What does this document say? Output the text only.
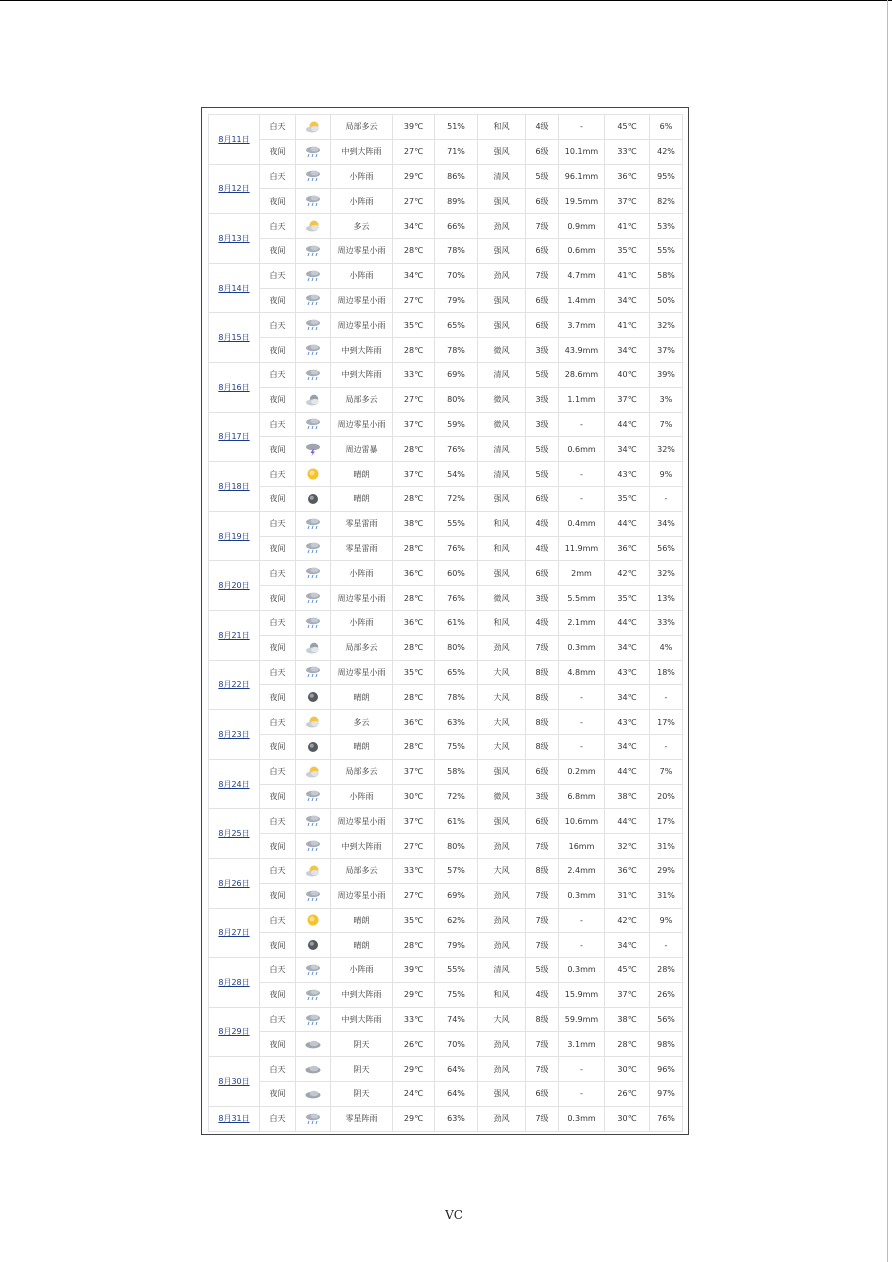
8月11日	白天		局部多云	39℃	51%	和风	4级	-	45℃	6%
	夜间		中到大阵雨	27℃	71%	强风	6级	10.1mm	33℃	42%
8月12日	白天		小阵雨	29℃	86%	清风	5级	96.1mm	36℃	95%
	夜间		小阵雨	27℃	89%	强风	6级	19.5mm	37℃	82%
8月13日	白天		多云	34℃	66%	劲风	7级	0.9mm	41℃	53%
	夜间		周边零星小雨	28℃	78%	强风	6级	0.6mm	35℃	55%
8月14日	白天		小阵雨	34℃	70%	劲风	7级	4.7mm	41℃	58%
	夜间		周边零星小雨	27℃	79%	强风	6级	1.4mm	34℃	50%
8月15日	白天		周边零星小雨	35℃	65%	强风	6级	3.7mm	41℃	32%
	夜间		中到大阵雨	28℃	78%	微风	3级	43.9mm	34℃	37%
8月16日	白天		中到大阵雨	33℃	69%	清风	5级	28.6mm	40℃	39%
	夜间		局部多云	27℃	80%	微风	3级	1.1mm	37℃	3%
8月17日	白天		周边零星小雨	37℃	59%	微风	3级	-	44℃	7%
	夜间		周边雷暴	28℃	76%	清风	5级	0.6mm	34℃	32%
8月18日	白天		晴朗	37℃	54%	清风	5级	-	43℃	9%
	夜间		晴朗	28℃	72%	强风	6级	-	35℃	-
8月19日	白天		零星雷雨	38℃	55%	和风	4级	0.4mm	44℃	34%
	夜间		零星雷雨	28℃	76%	和风	4级	11.9mm	36℃	56%
8月20日	白天		小阵雨	36℃	60%	强风	6级	2mm	42℃	32%
	夜间		周边零星小雨	28℃	76%	微风	3级	5.5mm	35℃	13%
8月21日	白天		小阵雨	36℃	61%	和风	4级	2.1mm	44℃	33%
	夜间		局部多云	28℃	80%	劲风	7级	0.3mm	34℃	4%
8月22日	白天		周边零星小雨	35℃	65%	大风	8级	4.8mm	43℃	18%
	夜间		晴朗	28℃	78%	大风	8级	-	34℃	-
8月23日	白天		多云	36℃	63%	大风	8级	-	43℃	17%
	夜间		晴朗	28℃	75%	大风	8级	-	34℃	-
8月24日	白天		局部多云	37℃	58%	强风	6级	0.2mm	44℃	7%
	夜间		小阵雨	30℃	72%	微风	3级	6.8mm	38℃	20%
8月25日	白天		周边零星小雨	37℃	61%	强风	6级	10.6mm	44℃	17%
	夜间		中到大阵雨	27℃	80%	劲风	7级	16mm	32℃	31%
8月26日	白天		局部多云	33℃	57%	大风	8级	2.4mm	36℃	29%
	夜间		周边零星小雨	27℃	69%	劲风	7级	0.3mm	31℃	31%
8月27日	白天		晴朗	35℃	62%	劲风	7级	-	42℃	9%
	夜间		晴朗	28℃	79%	劲风	7级	-	34℃	-
8月28日	白天		小阵雨	39℃	55%	清风	5级	0.3mm	45℃	28%
	夜间		中到大阵雨	29℃	75%	和风	4级	15.9mm	37℃	26%
8月29日	白天		中到大阵雨	33℃	74%	大风	8级	59.9mm	38℃	56%
	夜间		阴天	26℃	70%	劲风	7级	3.1mm	28℃	98%
8月30日	白天		阴天	29℃	64%	劲风	7级	-	30℃	96%
	夜间		阴天	24℃	64%	强风	6级	-	26℃	97%
8月31日	白天		零星阵雨	29℃	63%	劲风	7级	0.3mm	30℃	76%
VC
